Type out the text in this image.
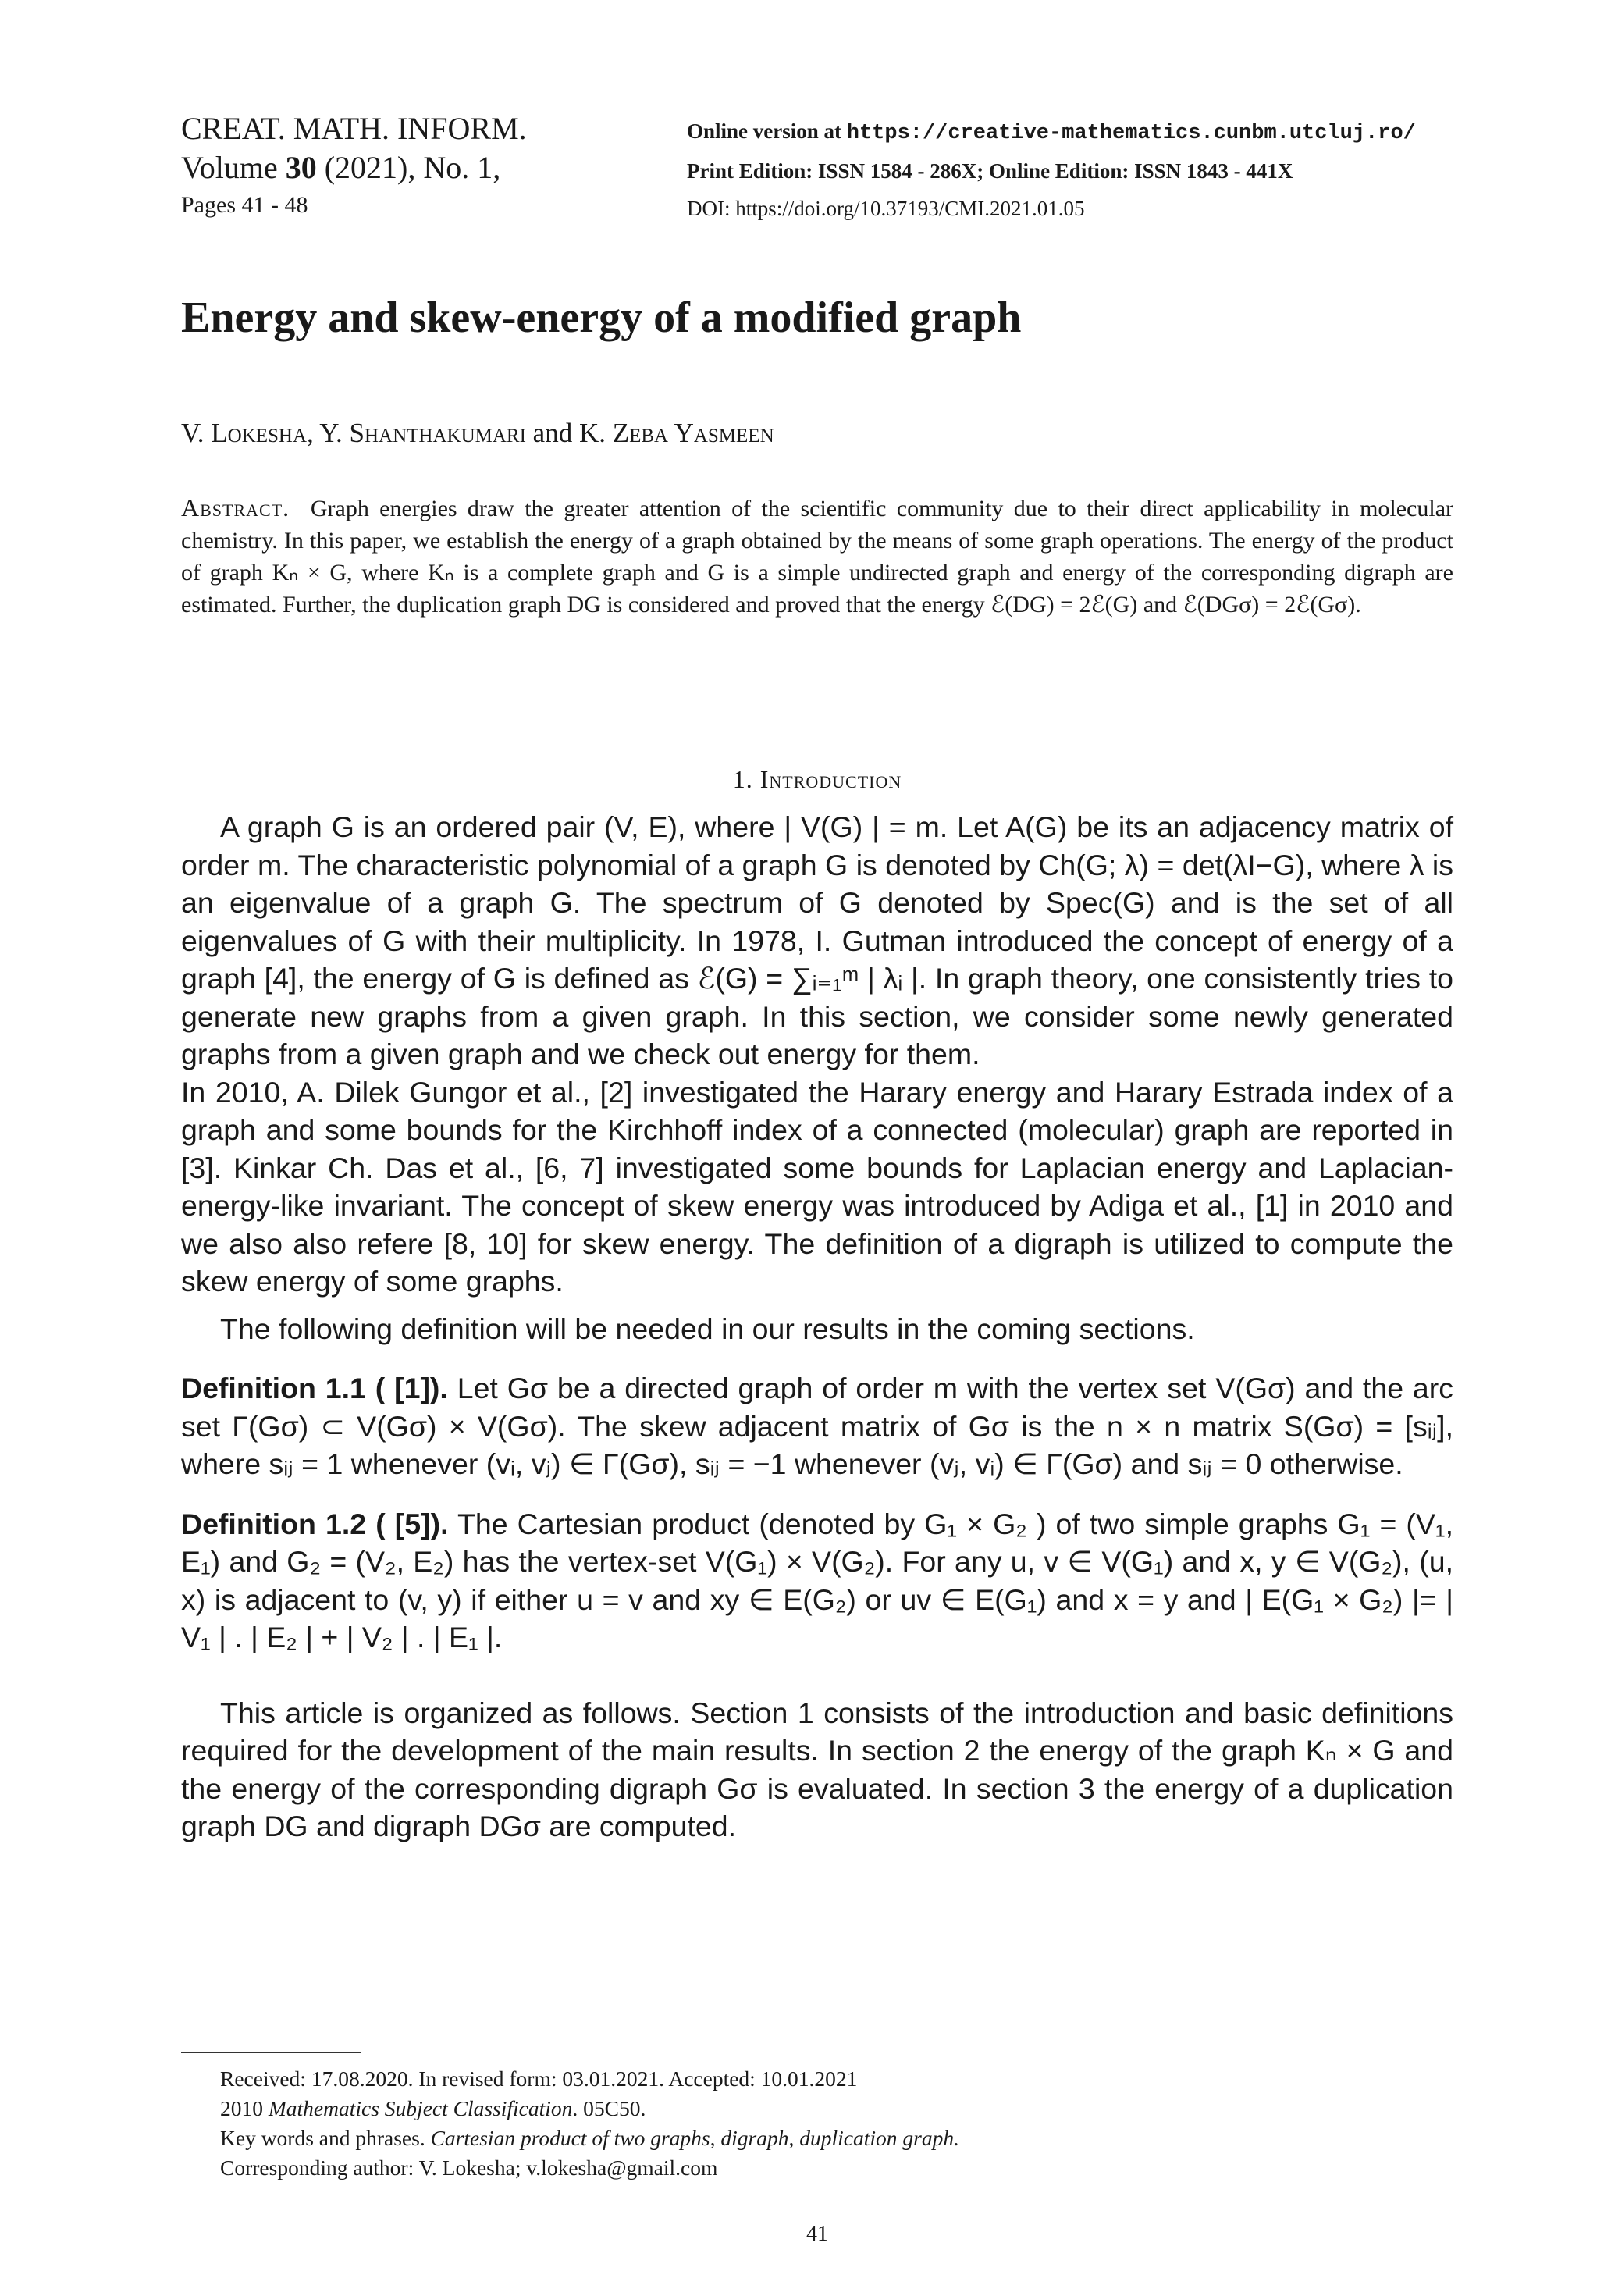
CREAT. MATH. INFORM.
Volume 30 (2021), No. 1,
Pages 41 - 48
Online version at https://creative-mathematics.cunbm.utcluj.ro/
Print Edition: ISSN 1584 - 286X; Online Edition: ISSN 1843 - 441X
DOI: https://doi.org/10.37193/CMI.2021.01.05
Energy and skew-energy of a modified graph
V. Lokesha, Y. Shanthakumari and K. Zeba Yasmeen

Abstract. Graph energies draw the greater attention of the scientific community due to their direct applicability in molecular chemistry. In this paper, we establish the energy of a graph obtained by the means of some graph operations. The energy of the product of graph Kₙ × G, where Kₙ is a complete graph and G is a simple undirected graph and energy of the corresponding digraph are estimated. Further, the duplication graph DG is considered and proved that the energy ℰ(DG) = 2ℰ(G) and ℰ(DGσ) = 2ℰ(Gσ).

1. Introduction

A graph G is an ordered pair (V, E), where | V(G) | = m. Let A(G) be its an adjacency matrix of order m. The characteristic polynomial of a graph G is denoted by Ch(G; λ) = det(λI−G), where λ is an eigenvalue of a graph G. The spectrum of G denoted by Spec(G) and is the set of all eigenvalues of G with their multiplicity. In 1978, I. Gutman introduced the concept of energy of a graph [4], the energy of G is defined as ℰ(G) = ∑ᵢ₌₁ᵐ | λᵢ |. In graph theory, one consistently tries to generate new graphs from a given graph. In this section, we consider some newly generated graphs from a given graph and we check out energy for them.

In 2010, A. Dilek Gungor et al., [2] investigated the Harary energy and Harary Estrada index of a graph and some bounds for the Kirchhoff index of a connected (molecular) graph are reported in [3]. Kinkar Ch. Das et al., [6, 7] investigated some bounds for Laplacian energy and Laplacian-energy-like invariant. The concept of skew energy was introduced by Adiga et al., [1] in 2010 and we also also refere [8, 10] for skew energy. The definition of a digraph is utilized to compute the skew energy of some graphs.

The following definition will be needed in our results in the coming sections.

Definition 1.1 ( [1]). Let Gσ be a directed graph of order m with the vertex set V(Gσ) and the arc set Γ(Gσ) ⊂ V(Gσ) × V(Gσ). The skew adjacent matrix of Gσ is the n × n matrix S(Gσ) = [sᵢⱼ], where sᵢⱼ = 1 whenever (vᵢ, vⱼ) ∈ Γ(Gσ), sᵢⱼ = −1 whenever (vⱼ, vᵢ) ∈ Γ(Gσ) and sᵢⱼ = 0 otherwise.

Definition 1.2 ( [5]). The Cartesian product (denoted by G₁ × G₂ ) of two simple graphs G₁ = (V₁, E₁) and G₂ = (V₂, E₂) has the vertex-set V(G₁) × V(G₂). For any u, v ∈ V(G₁) and x, y ∈ V(G₂), (u, x) is adjacent to (v, y) if either u = v and xy ∈ E(G₂) or uv ∈ E(G₁) and x = y and | E(G₁ × G₂) |= | V₁ | . | E₂ | + | V₂ | . | E₁ |.

This article is organized as follows. Section 1 consists of the introduction and basic definitions required for the development of the main results. In section 2 the energy of the graph Kₙ × G and the energy of the corresponding digraph Gσ is evaluated. In section 3 the energy of a duplication graph DG and digraph DGσ are computed.

Received: 17.08.2020. In revised form: 03.01.2021. Accepted: 10.01.2021

2010 Mathematics Subject Classification. 05C50.

Key words and phrases. Cartesian product of two graphs, digraph, duplication graph.

Corresponding author: V. Lokesha; v.lokesha@gmail.com

41
